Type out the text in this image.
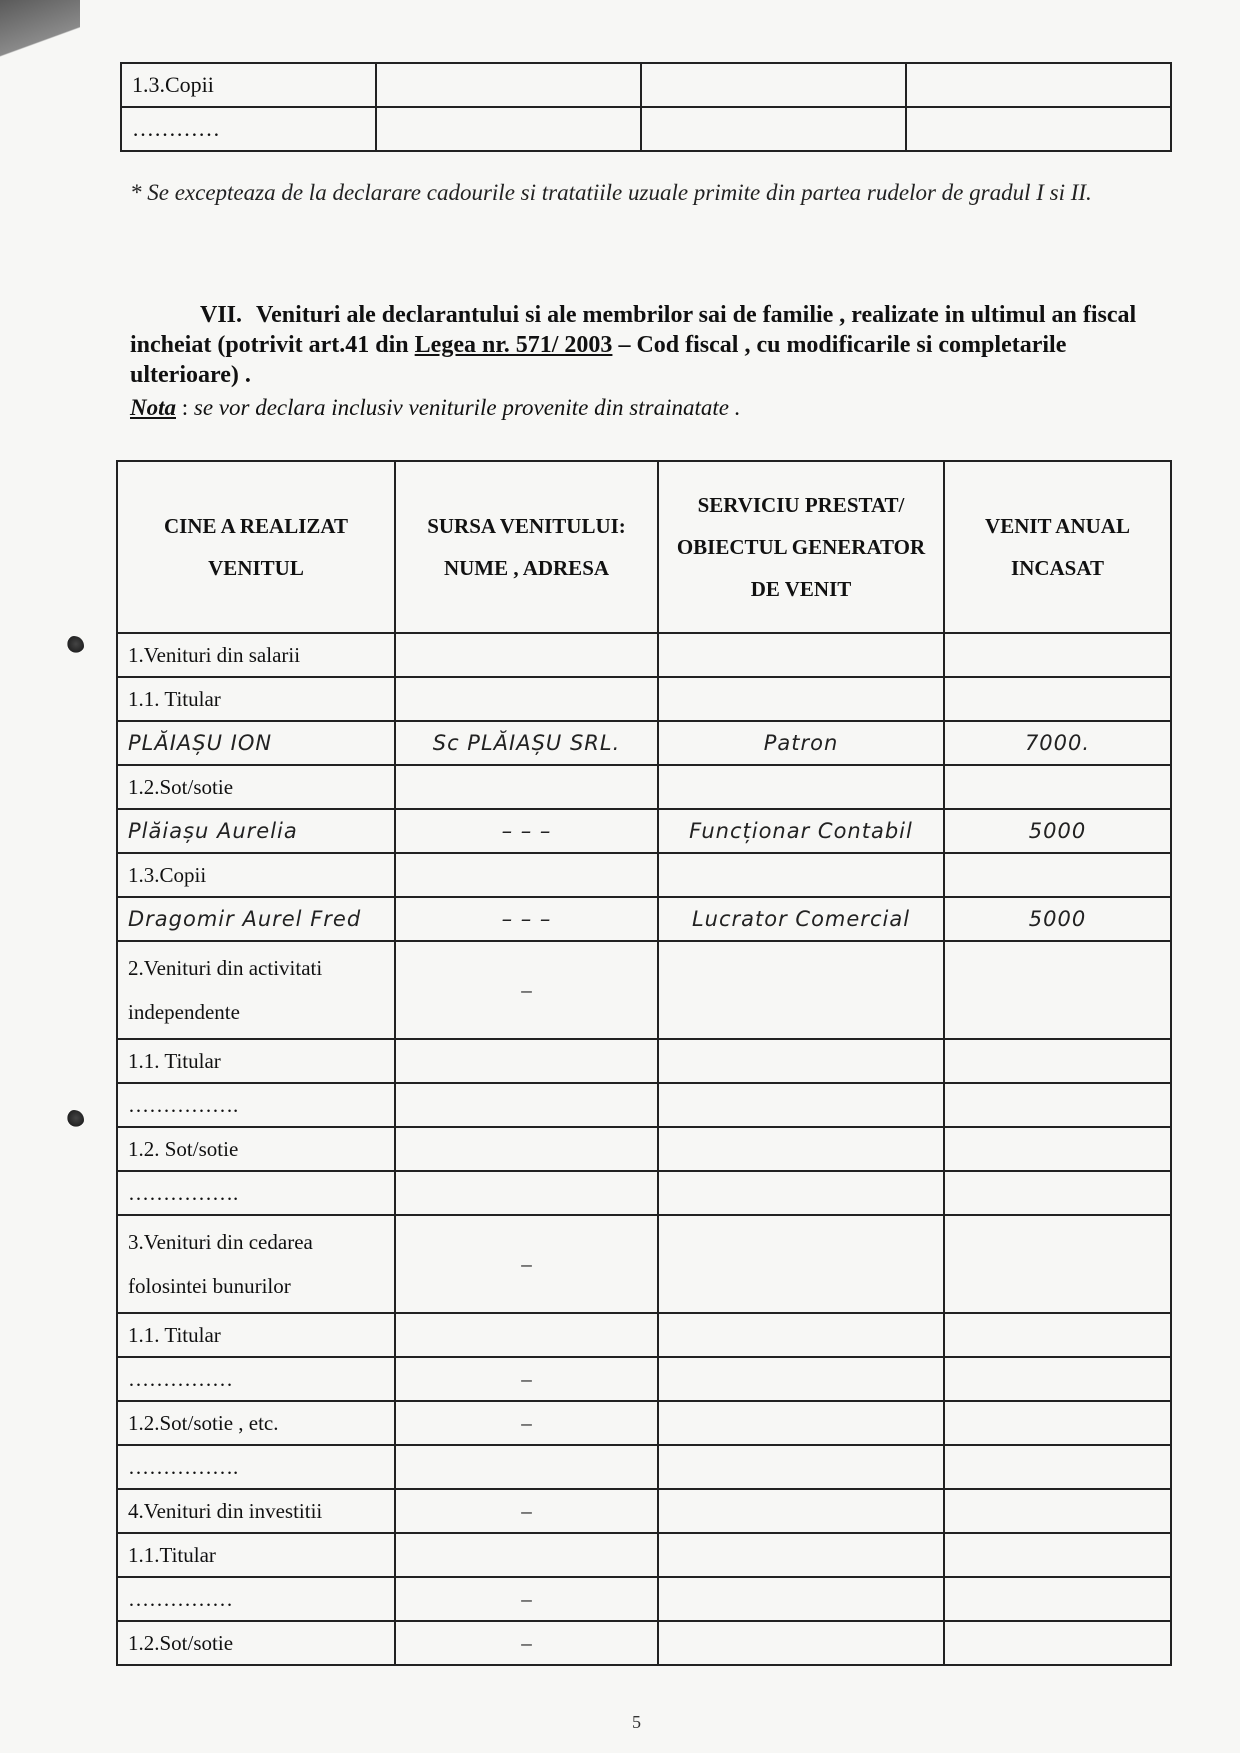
1.3.Copii			
…………			
* Se excepteaza de la declarare cadourile si tratatiile uzuale primite din partea rudelor de gradul I si II.
VII. Venituri ale declarantului si ale membrilor sai de familie , realizate in ultimul an fiscal incheiat (potrivit art.41 din Legea nr. 571/ 2003 – Cod fiscal , cu modificarile si completarile ulterioare) .
Nota : se vor declara inclusiv veniturile provenite din strainatate .
CINE A REALIZAT VENITUL	SURSA VENITULUI: NUME , ADRESA	SERVICIU PRESTAT/ OBIECTUL GENERATOR DE VENIT	VENIT ANUAL INCASAT
1.Venituri din salarii			
1.1. Titular			
PLĂIAȘU ION	Sc PLĂIAȘU SRL.	Patron	7000.
1.2.Sot/sotie			
Plăiașu Aurelia	– – –	Funcționar Contabil	5000
1.3.Copii			
Dragomir Aurel Fred	– – –	Lucrator Comercial	5000
2.Venituri din activitati independente	–		
1.1. Titular			
…………….			
1.2. Sot/sotie			
…………….			
3.Venituri din cedarea folosintei bunurilor	–		
1.1. Titular			
……………	–		
1.2.Sot/sotie , etc.	–		
…………….			
4.Venituri din investitii	–		
1.1.Titular			
……………	–		
1.2.Sot/sotie	–		
5
